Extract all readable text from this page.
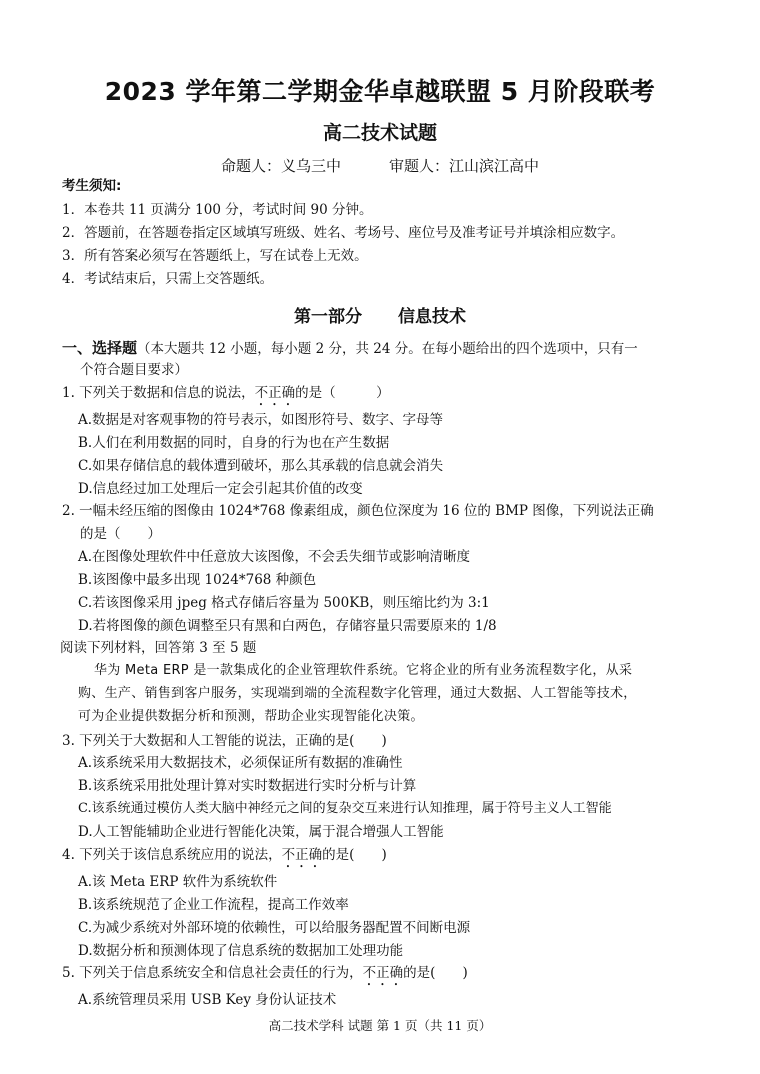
2023 学年第二学期金华卓越联盟 5 月阶段联考
高二技术试题
命题人：义乌三中	审题人：江山滨江高中
考生须知:
1．本卷共 11 页满分 100 分，考试时间 90 分钟。
2．答题前，在答题卷指定区域填写班级、姓名、考场号、座位号及准考证号并填涂相应数字。
3．所有答案必须写在答题纸上，写在试卷上无效。
4．考试结束后，只需上交答题纸。
第一部分 信息技术
一、选择题（本大题共 12 小题，每小题 2 分，共 24 分。在每小题给出的四个选项中，只有一
个符合题目要求）
1. 下列关于数据和信息的说法，不正确的是（　　　）
A.数据是对客观事物的符号表示，如图形符号、数字、字母等
B.人们在利用数据的同时，自身的行为也在产生数据
C.如果存储信息的载体遭到破坏，那么其承载的信息就会消失
D.信息经过加工处理后一定会引起其价值的改变
2. 一幅未经压缩的图像由 1024*768 像素组成，颜色位深度为 16 位的 BMP 图像，下列说法正确
的是（　　）
A.在图像处理软件中任意放大该图像，不会丢失细节或影响清晰度
B.该图像中最多出现 1024*768 种颜色
C.若该图像采用 jpeg 格式存储后容量为 500KB，则压缩比约为 3:1
D.若将图像的颜色调整至只有黑和白两色，存储容量只需要原来的 1/8
阅读下列材料，回答第 3 至 5 题
华为 Meta ERP 是一款集成化的企业管理软件系统。它将企业的所有业务流程数字化，从采
购、生产、销售到客户服务，实现端到端的全流程数字化管理，通过大数据、人工智能等技术，
可为企业提供数据分析和预测，帮助企业实现智能化决策。
3. 下列关于大数据和人工智能的说法，正确的是(　　)
A.该系统采用大数据技术，必须保证所有数据的准确性
B.该系统采用批处理计算对实时数据进行实时分析与计算
C.该系统通过模仿人类大脑中神经元之间的复杂交互来进行认知推理，属于符号主义人工智能
D.人工智能辅助企业进行智能化决策，属于混合增强人工智能
4. 下列关于该信息系统应用的说法，不正确的是(　　)
A.该 Meta ERP 软件为系统软件
B.该系统规范了企业工作流程，提高工作效率
C.为减少系统对外部环境的依赖性，可以给服务器配置不间断电源
D.数据分析和预测体现了信息系统的数据加工处理功能
5. 下列关于信息系统安全和信息社会责任的行为，不正确的是(　　)
A.系统管理员采用 USB Key 身份认证技术
高二技术学科 试题 第 1 页（共 11 页）
